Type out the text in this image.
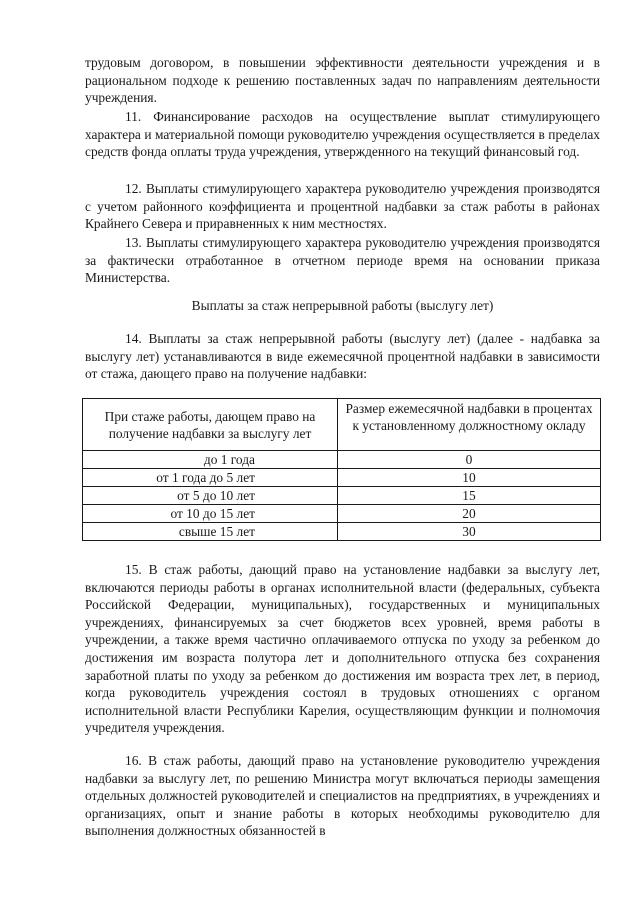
трудовым договором, в повышении эффективности деятельности учреждения и в рациональном подходе к решению поставленных задач по направлениям деятельности учреждения.

11. Финансирование расходов на осуществление выплат стимулирующего характера и материальной помощи руководителю учреждения осуществляется в пределах средств фонда оплаты труда учреждения, утвержденного на текущий финансовый год.

12. Выплаты стимулирующего характера руководителю учреждения производятся с учетом районного коэффициента и процентной надбавки за стаж работы в районах Крайнего Севера и приравненных к ним местностях.

13. Выплаты стимулирующего характера руководителю учреждения производятся за фактически отработанное в отчетном периоде время на основании приказа Министерства.

Выплаты за стаж непрерывной работы (выслугу лет)

14. Выплаты за стаж непрерывной работы (выслугу лет) (далее - надбавка за выслугу лет) устанавливаются в виде ежемесячной процентной надбавки в зависимости от стажа, дающего право на получение надбавки:

При стаже работы, дающем право на получение надбавки за выслугу лет	Размер ежемесячной надбавки в процентах к установленному должностному окладу
до 1 года	0
от 1 года до 5 лет	10
от 5 до 10 лет	15
от 10 до 15 лет	20
свыше 15 лет	30

15. В стаж работы, дающий право на установление надбавки за выслугу лет, включаются периоды работы в органах исполнительной власти (федеральных, субъекта Российской Федерации, муниципальных), государственных и муниципальных учреждениях, финансируемых за счет бюджетов всех уровней, время работы в учреждении, а также время частично оплачиваемого отпуска по уходу за ребенком до достижения им возраста полутора лет и дополнительного отпуска без сохранения заработной платы по уходу за ребенком до достижения им возраста трех лет, в период, когда руководитель учреждения состоял в трудовых отношениях с органом исполнительной власти Республики Карелия, осуществляющим функции и полномочия учредителя учреждения.

16. В стаж работы, дающий право на установление руководителю учреждения надбавки за выслугу лет, по решению Министра могут включаться периоды замещения отдельных должностей руководителей и специалистов на предприятиях, в учреждениях и организациях, опыт и знание работы в которых необходимы руководителю для выполнения должностных обязанностей в
